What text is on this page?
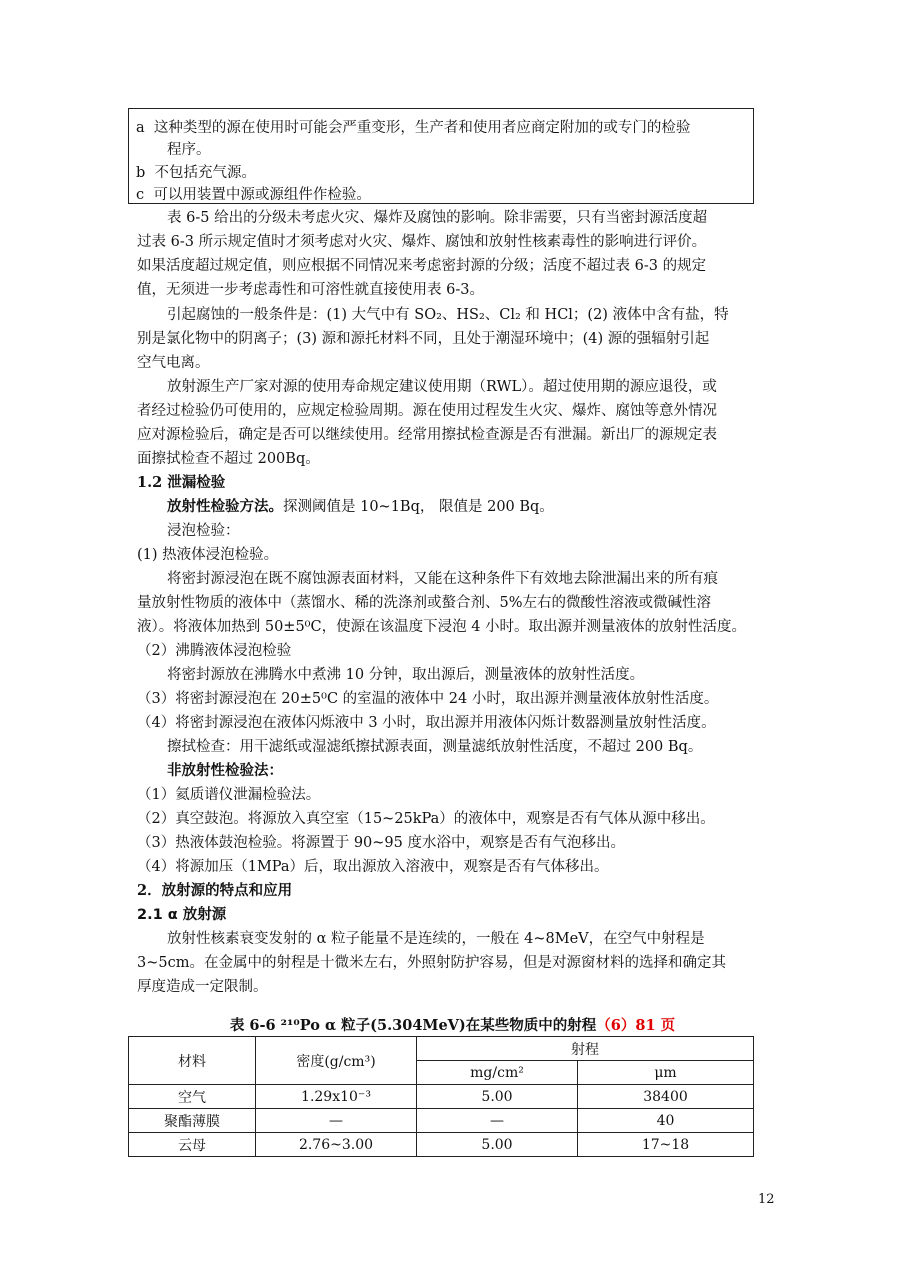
a 这种类型的源在使用时可能会严重变形，生产者和使用者应商定附加的或专门的检验
程序。
b 不包括充气源。
c 可以用装置中源或源组件作检验。
表 6-5 给出的分级未考虑火灾、爆炸及腐蚀的影响。除非需要，只有当密封源活度超
过表 6-3 所示规定值时才须考虑对火灾、爆炸、腐蚀和放射性核素毒性的影响进行评价。
如果活度超过规定值，则应根据不同情况来考虑密封源的分级；活度不超过表 6-3 的规定
值，无须进一步考虑毒性和可溶性就直接使用表 6-3。
引起腐蚀的一般条件是：(1) 大气中有 SO₂、HS₂、Cl₂ 和 HCl；(2) 液体中含有盐，特
别是氯化物中的阴离子；(3) 源和源托材料不同，且处于潮湿环境中；(4) 源的强辐射引起
空气电离。
放射源生产厂家对源的使用寿命规定建议使用期（RWL）。超过使用期的源应退役，或
者经过检验仍可使用的，应规定检验周期。源在使用过程发生火灾、爆炸、腐蚀等意外情况
应对源检验后，确定是否可以继续使用。经常用擦拭检查源是否有泄漏。新出厂的源规定表
面擦拭检查不超过 200Bq。
1.2 泄漏检验
放射性检验方法。探测阈值是 10~1Bq， 限值是 200 Bq。
浸泡检验：
(1) 热液体浸泡检验。
将密封源浸泡在既不腐蚀源表面材料，又能在这种条件下有效地去除泄漏出来的所有痕
量放射性物质的液体中（蒸馏水、稀的洗涤剂或螯合剂、5%左右的微酸性溶液或微碱性溶
液）。将液体加热到 50±5⁰C，使源在该温度下浸泡 4 小时。取出源并测量液体的放射性活度。
（2）沸腾液体浸泡检验
将密封源放在沸腾水中煮沸 10 分钟，取出源后，测量液体的放射性活度。
（3）将密封源浸泡在 20±5⁰C 的室温的液体中 24 小时，取出源并测量液体放射性活度。
（4）将密封源浸泡在液体闪烁液中 3 小时，取出源并用液体闪烁计数器测量放射性活度。
擦拭检查：用干滤纸或湿滤纸擦拭源表面，测量滤纸放射性活度，不超过 200 Bq。
非放射性检验法：
（1）氦质谱仪泄漏检验法。
（2）真空鼓泡。将源放入真空室（15~25kPa）的液体中，观察是否有气体从源中移出。
（3）热液体鼓泡检验。将源置于 90~95 度水浴中，观察是否有气泡移出。
（4）将源加压（1MPa）后，取出源放入溶液中，观察是否有气体移出。
2．放射源的特点和应用
2.1 α 放射源
放射性核素衰变发射的 α 粒子能量不是连续的，一般在 4~8MeV，在空气中射程是
3~5cm。在金属中的射程是十微米左右，外照射防护容易，但是对源窗材料的选择和确定其
厚度造成一定限制。
表 6-6 ²¹⁰Po α 粒子(5.304MeV)在某些物质中的射程（6）81 页
材料	密度(g/cm³)	射程	
		mg/cm²	μm
空气	1.29x10⁻³	5.00	38400
聚酯薄膜	—	—	40
云母	2.76~3.00	5.00	17~18
12
